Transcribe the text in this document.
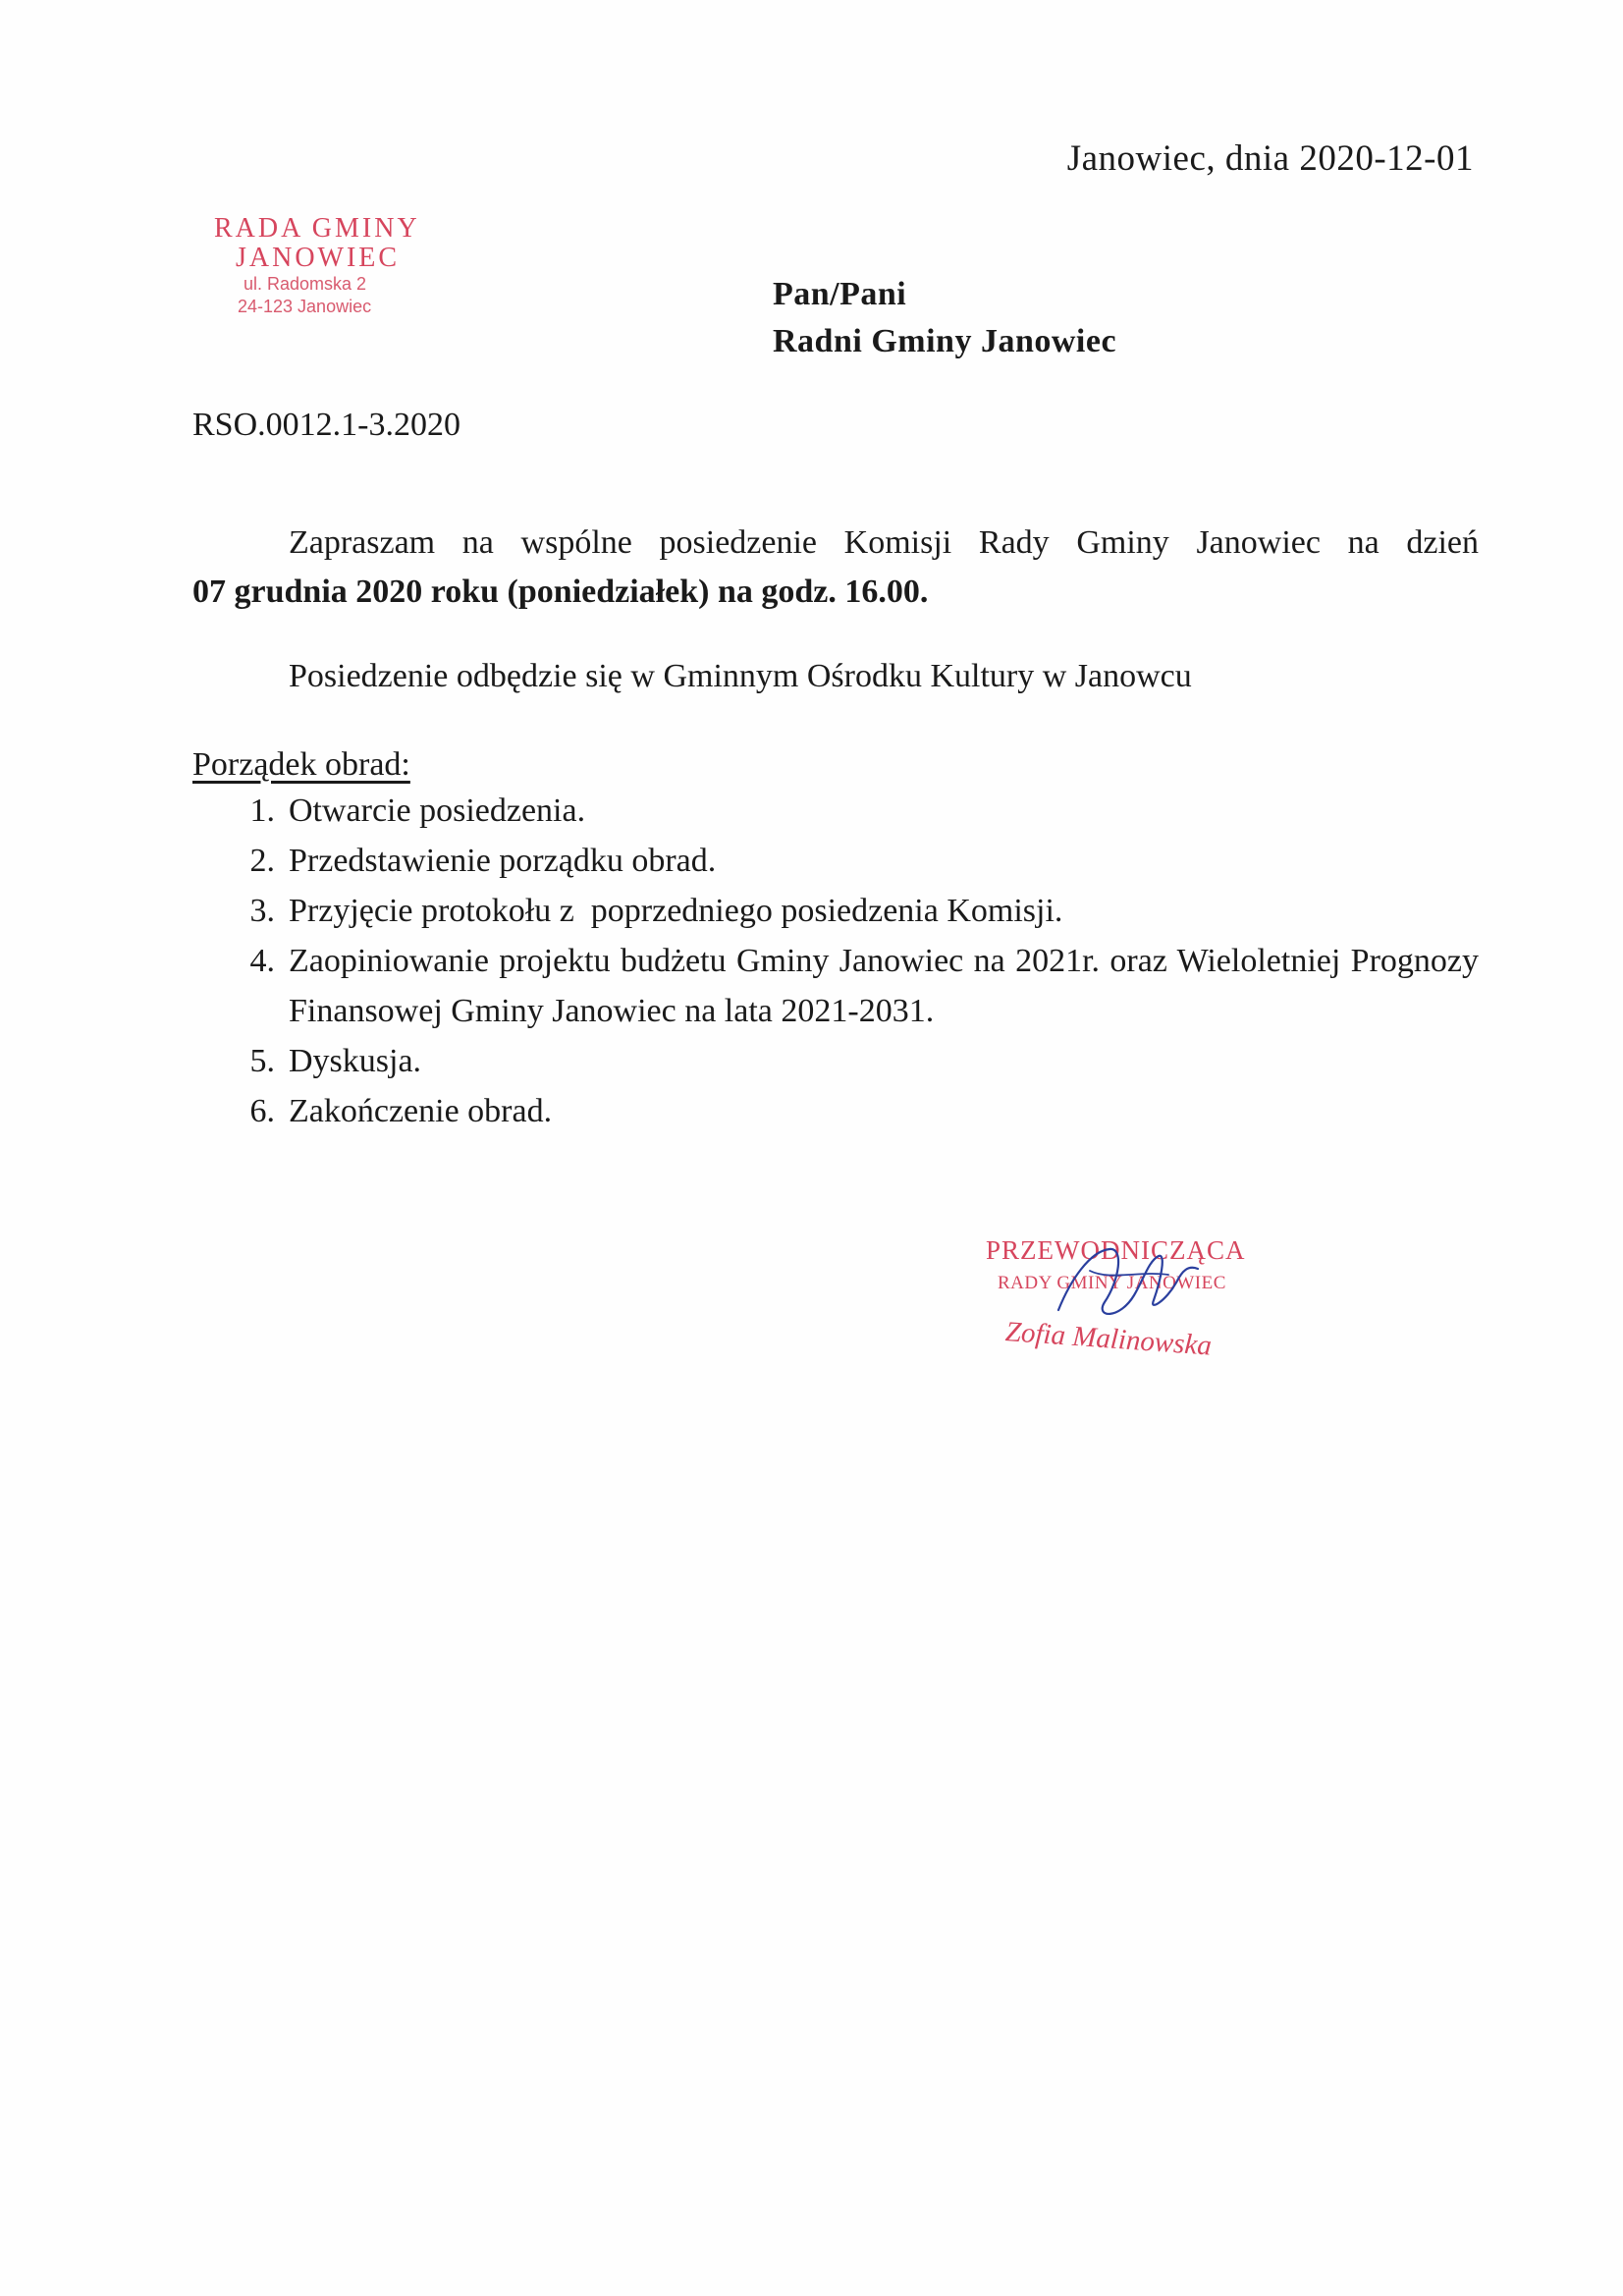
Janowiec, dnia 2020-12-01
RADA GMINY
JANOWIEC
ul. Radomska 2
24-123 Janowiec	Pan/Pani
Radni Gminy Janowiec
RSO.0012.1-3.2020
Zapraszam na wspólne posiedzenie Komisji Rady Gminy Janowiec na dzień
07 grudnia 2020 roku (poniedziałek) na godz. 16.00.
Posiedzenie odbędzie się w Gminnym Ośrodku Kultury w Janowcu
Porządek obrad:
1. Otwarcie posiedzenia.
2. Przedstawienie porządku obrad.
3. Przyjęcie protokołu z  poprzedniego posiedzenia Komisji.
4. Zaopiniowanie projektu budżetu Gminy Janowiec na 2021r. oraz Wieloletniej Prognozy Finansowej Gminy Janowiec na lata 2021-2031.
5. Dyskusja.
6. Zakończenie obrad.
PRZEWODNICZĄCA
RADY GMINY JANOWIEC
Zofia Malinowska
